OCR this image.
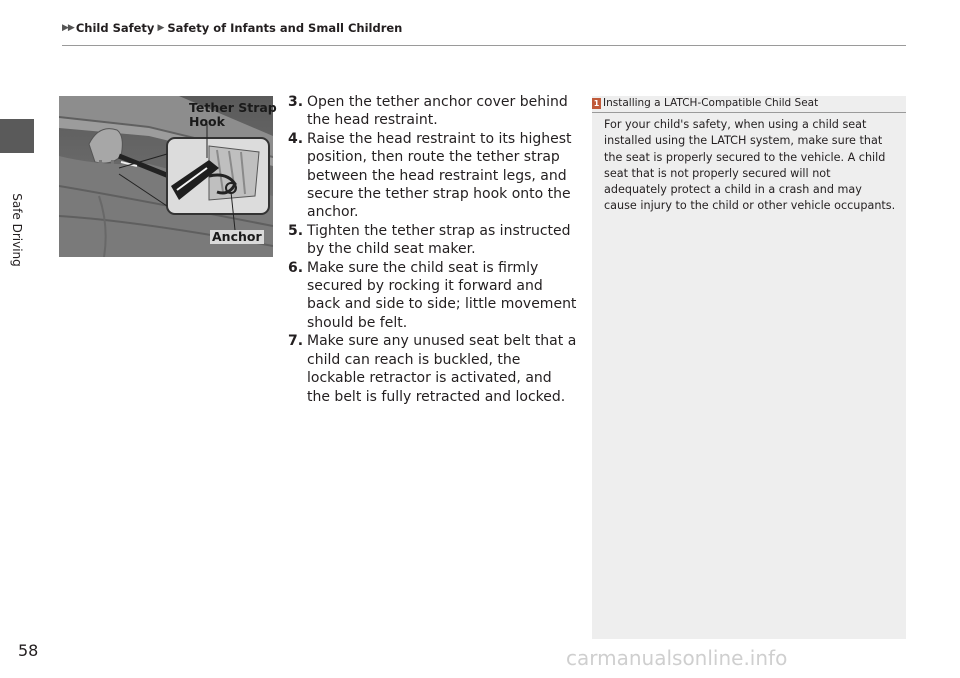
▶▶ Child Safety ▶ Safety of Infants and Small Children
Safe Driving
Tether Strap
Hook
Anchor
3. Open the tether anchor cover behind the head restraint.
4. Raise the head restraint to its highest position, then route the tether strap between the head restraint legs, and secure the tether strap hook onto the anchor.
5. Tighten the tether strap as instructed by the child seat maker.
6. Make sure the child seat is firmly secured by rocking it forward and back and side to side; little movement should be felt.
7. Make sure any unused seat belt that a child can reach is buckled, the lockable retractor is activated, and the belt is fully retracted and locked.
1 Installing a LATCH-Compatible Child Seat
For your child's safety, when using a child seat installed using the LATCH system, make sure that the seat is properly secured to the vehicle. A child seat that is not properly secured will not adequately protect a child in a crash and may cause injury to the child or other vehicle occupants.
58	carmanualsonline.info
